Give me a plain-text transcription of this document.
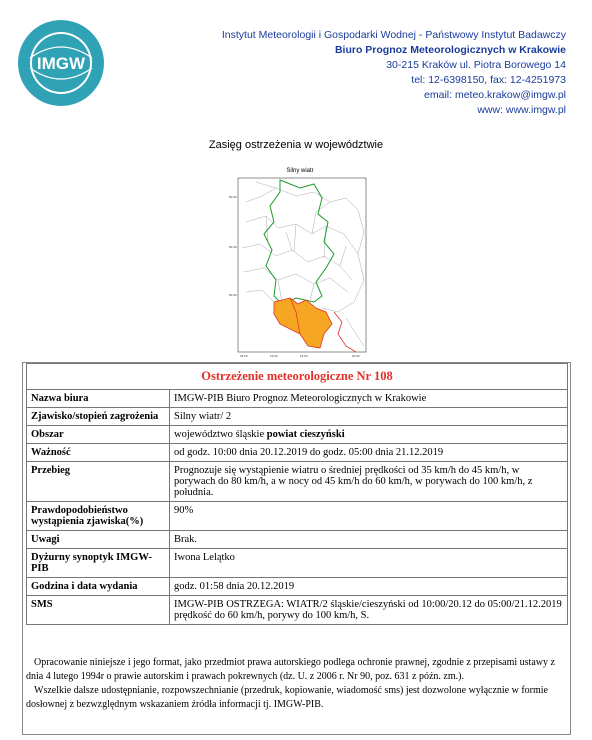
IMGW
Instytut Meteorologii i Gospodarki Wodnej - Państwowy Instytut Badawczy
Biuro Prognoz Meteorologicznych w Krakowie
30-215 Kraków ul. Piotra Borowego 14
tel: 12-6398150, fax: 12-4251973
email: meteo.krakow@imgw.pl
www: www.imgw.pl
Zasięg ostrzeżenia w województwie
Silny wiatr
50.60
50.40
50.00
18.00	19.00	19.50	20.00
Ostrzeżenie meteorologiczne Nr 108	
Nazwa biura	IMGW-PIB Biuro Prognoz Meteorologicznych w Krakowie
Zjawisko/stopień zagrożenia	Silny wiatr/ 2
Obszar	województwo śląskie powiat cieszyński
Ważność	od godz. 10:00 dnia 20.12.2019 do godz. 05:00 dnia 21.12.2019
Przebieg	Prognozuje się wystąpienie wiatru o średniej prędkości od 35 km/h do 45 km/h, w porywach do 80 km/h, a w nocy od 45 km/h do 60 km/h, w porywach do 100 km/h, z południa.
Prawdopodobieństwo wystąpienia zjawiska(%)	90%
Uwagi	Brak.
Dyżurny synoptyk IMGW-PIB	Iwona Lelątko
Godzina i data wydania	godz. 01:58 dnia 20.12.2019
SMS	IMGW-PIB OSTRZEGA: WIATR/2 śląskie/cieszyński od 10:00/20.12 do 05:00/21.12.2019 prędkość do 60 km/h, porywy do 100 km/h, S.
Opracowanie niniejsze i jego format, jako przedmiot prawa autorskiego podlega ochronie prawnej, zgodnie z przepisami ustawy z dnia 4 lutego 1994r o prawie autorskim i prawach pokrewnych (dz. U. z 2006 r. Nr 90, poz. 631 z późn. zm.).
Wszelkie dalsze udostępnianie, rozpowszechnianie (przedruk, kopiowanie, wiadomość sms) jest dozwolone wyłącznie w formie dosłownej z bezwzględnym wskazaniem źródła informacji tj. IMGW-PIB.
